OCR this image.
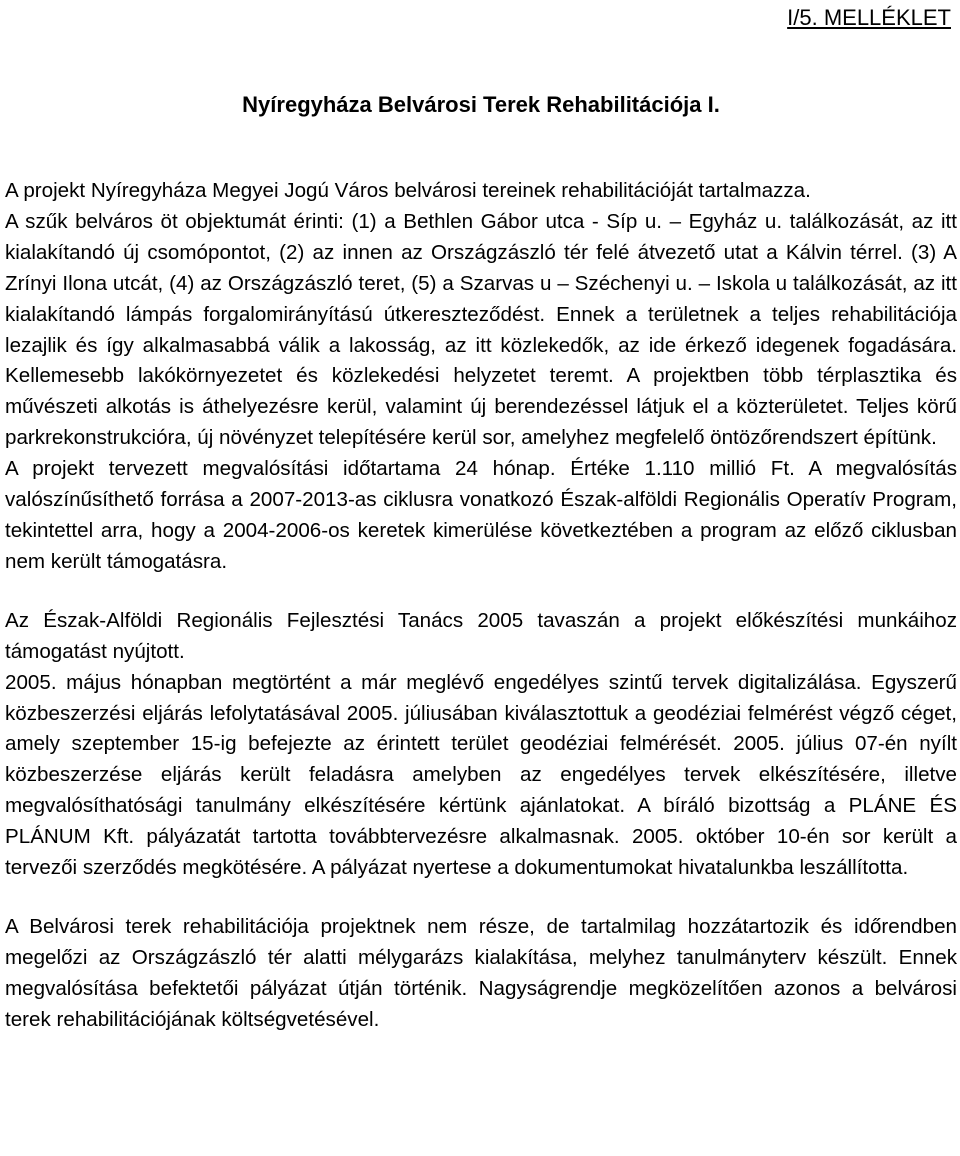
I/5. MELLÉKLET
Nyíregyháza Belvárosi Terek Rehabilitációja I.

A projekt Nyíregyháza Megyei Jogú Város belvárosi tereinek rehabilitációját tartalmazza.

A szűk belváros öt objektumát érinti: (1) a Bethlen Gábor utca - Síp u. – Egyház u. találkozását, az itt kialakítandó új csomópontot, (2) az innen az Országzászló tér felé átvezető utat a Kálvin térrel. (3) A Zrínyi Ilona utcát, (4) az Országzászló teret, (5) a Szarvas u – Széchenyi u. – Iskola u találkozását, az itt kialakítandó lámpás forgalomirányítású útkereszteződést. Ennek a területnek a teljes rehabilitációja lezajlik és így alkalmasabbá válik a lakosság, az itt közlekedők, az ide érkező idegenek fogadására. Kellemesebb lakókörnyezetet és közlekedési helyzetet teremt. A projektben több térplasztika és művészeti alkotás is áthelyezésre kerül, valamint új berendezéssel látjuk el a közterületet. Teljes körű parkrekonstrukcióra, új növényzet telepítésére kerül sor, amelyhez megfelelő öntözőrendszert építünk.

A projekt tervezett megvalósítási időtartama 24 hónap. Értéke 1.110 millió Ft. A megvalósítás valószínűsíthető forrása a 2007-2013-as ciklusra vonatkozó Észak-alföldi Regionális Operatív Program, tekintettel arra, hogy a 2004-2006-os keretek kimerülése következtében a program az előző ciklusban nem került támogatásra.

Az Észak-Alföldi Regionális Fejlesztési Tanács 2005 tavaszán a projekt előkészítési munkáihoz támogatást nyújtott.

2005. május hónapban megtörtént a már meglévő engedélyes szintű tervek digitalizálása. Egyszerű közbeszerzési eljárás lefolytatásával 2005. júliusában kiválasztottuk a geodéziai felmérést végző céget, amely szeptember 15-ig befejezte az érintett terület geodéziai felmérését. 2005. július 07-én nyílt közbeszerzése eljárás került feladásra amelyben az engedélyes tervek elkészítésére, illetve megvalósíthatósági tanulmány elkészítésére kértünk ajánlatokat. A bíráló bizottság a PLÁNE ÉS PLÁNUM Kft. pályázatát tartotta továbbtervezésre alkalmasnak. 2005. október 10-én sor került a tervezői szerződés megkötésére. A pályázat nyertese a dokumentumokat hivatalunkba leszállította.

A Belvárosi terek rehabilitációja projektnek nem része, de tartalmilag hozzátartozik és időrendben megelőzi az Országzászló tér alatti mélygarázs kialakítása, melyhez tanulmányterv készült. Ennek megvalósítása befektetői pályázat útján történik. Nagyságrendje megközelítően azonos a belvárosi terek rehabilitációjának költségvetésével.
